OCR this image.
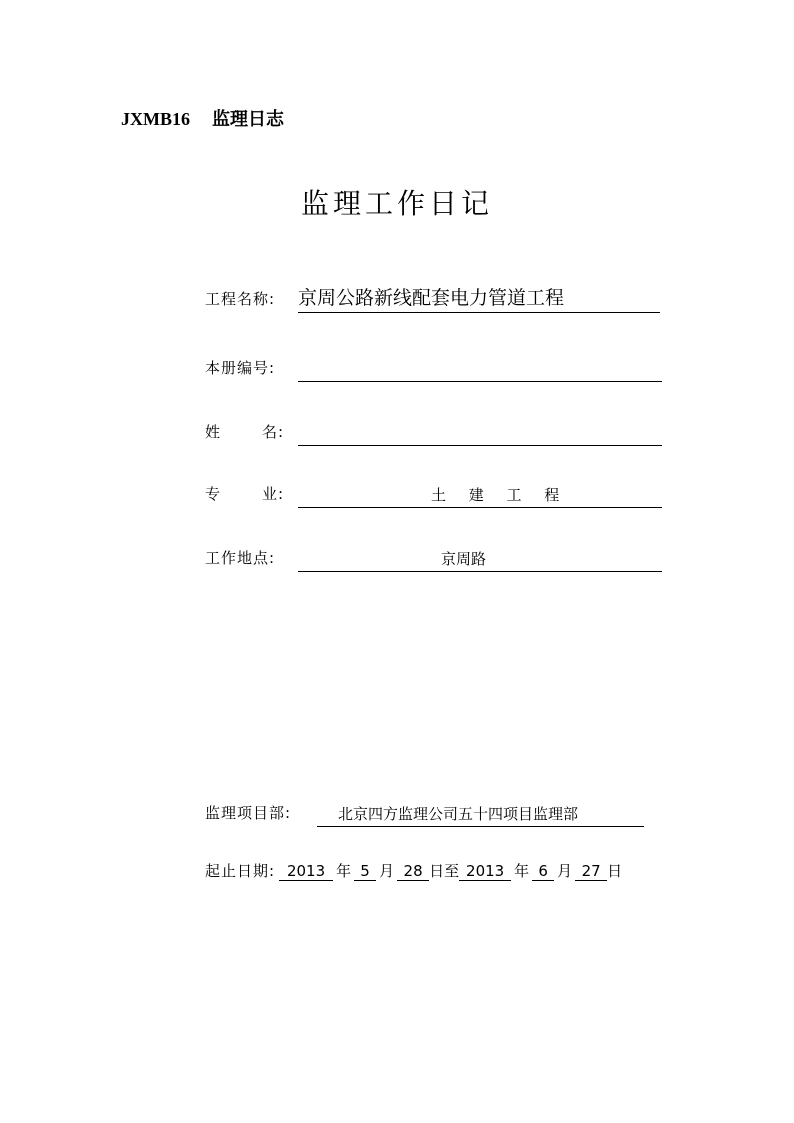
JXMB16 监理日志
监理工作日记
工程名称: 京周公路新线配套电力管道工程
本册编号:
姓	名:
专	业:	土 建 工 程
工作地点:	京周路
监理项目部:	北京四方监理公司五十四项目监理部
起止日期: 2013 年 5 月 28 日至 2013 年 6 月 27 日
